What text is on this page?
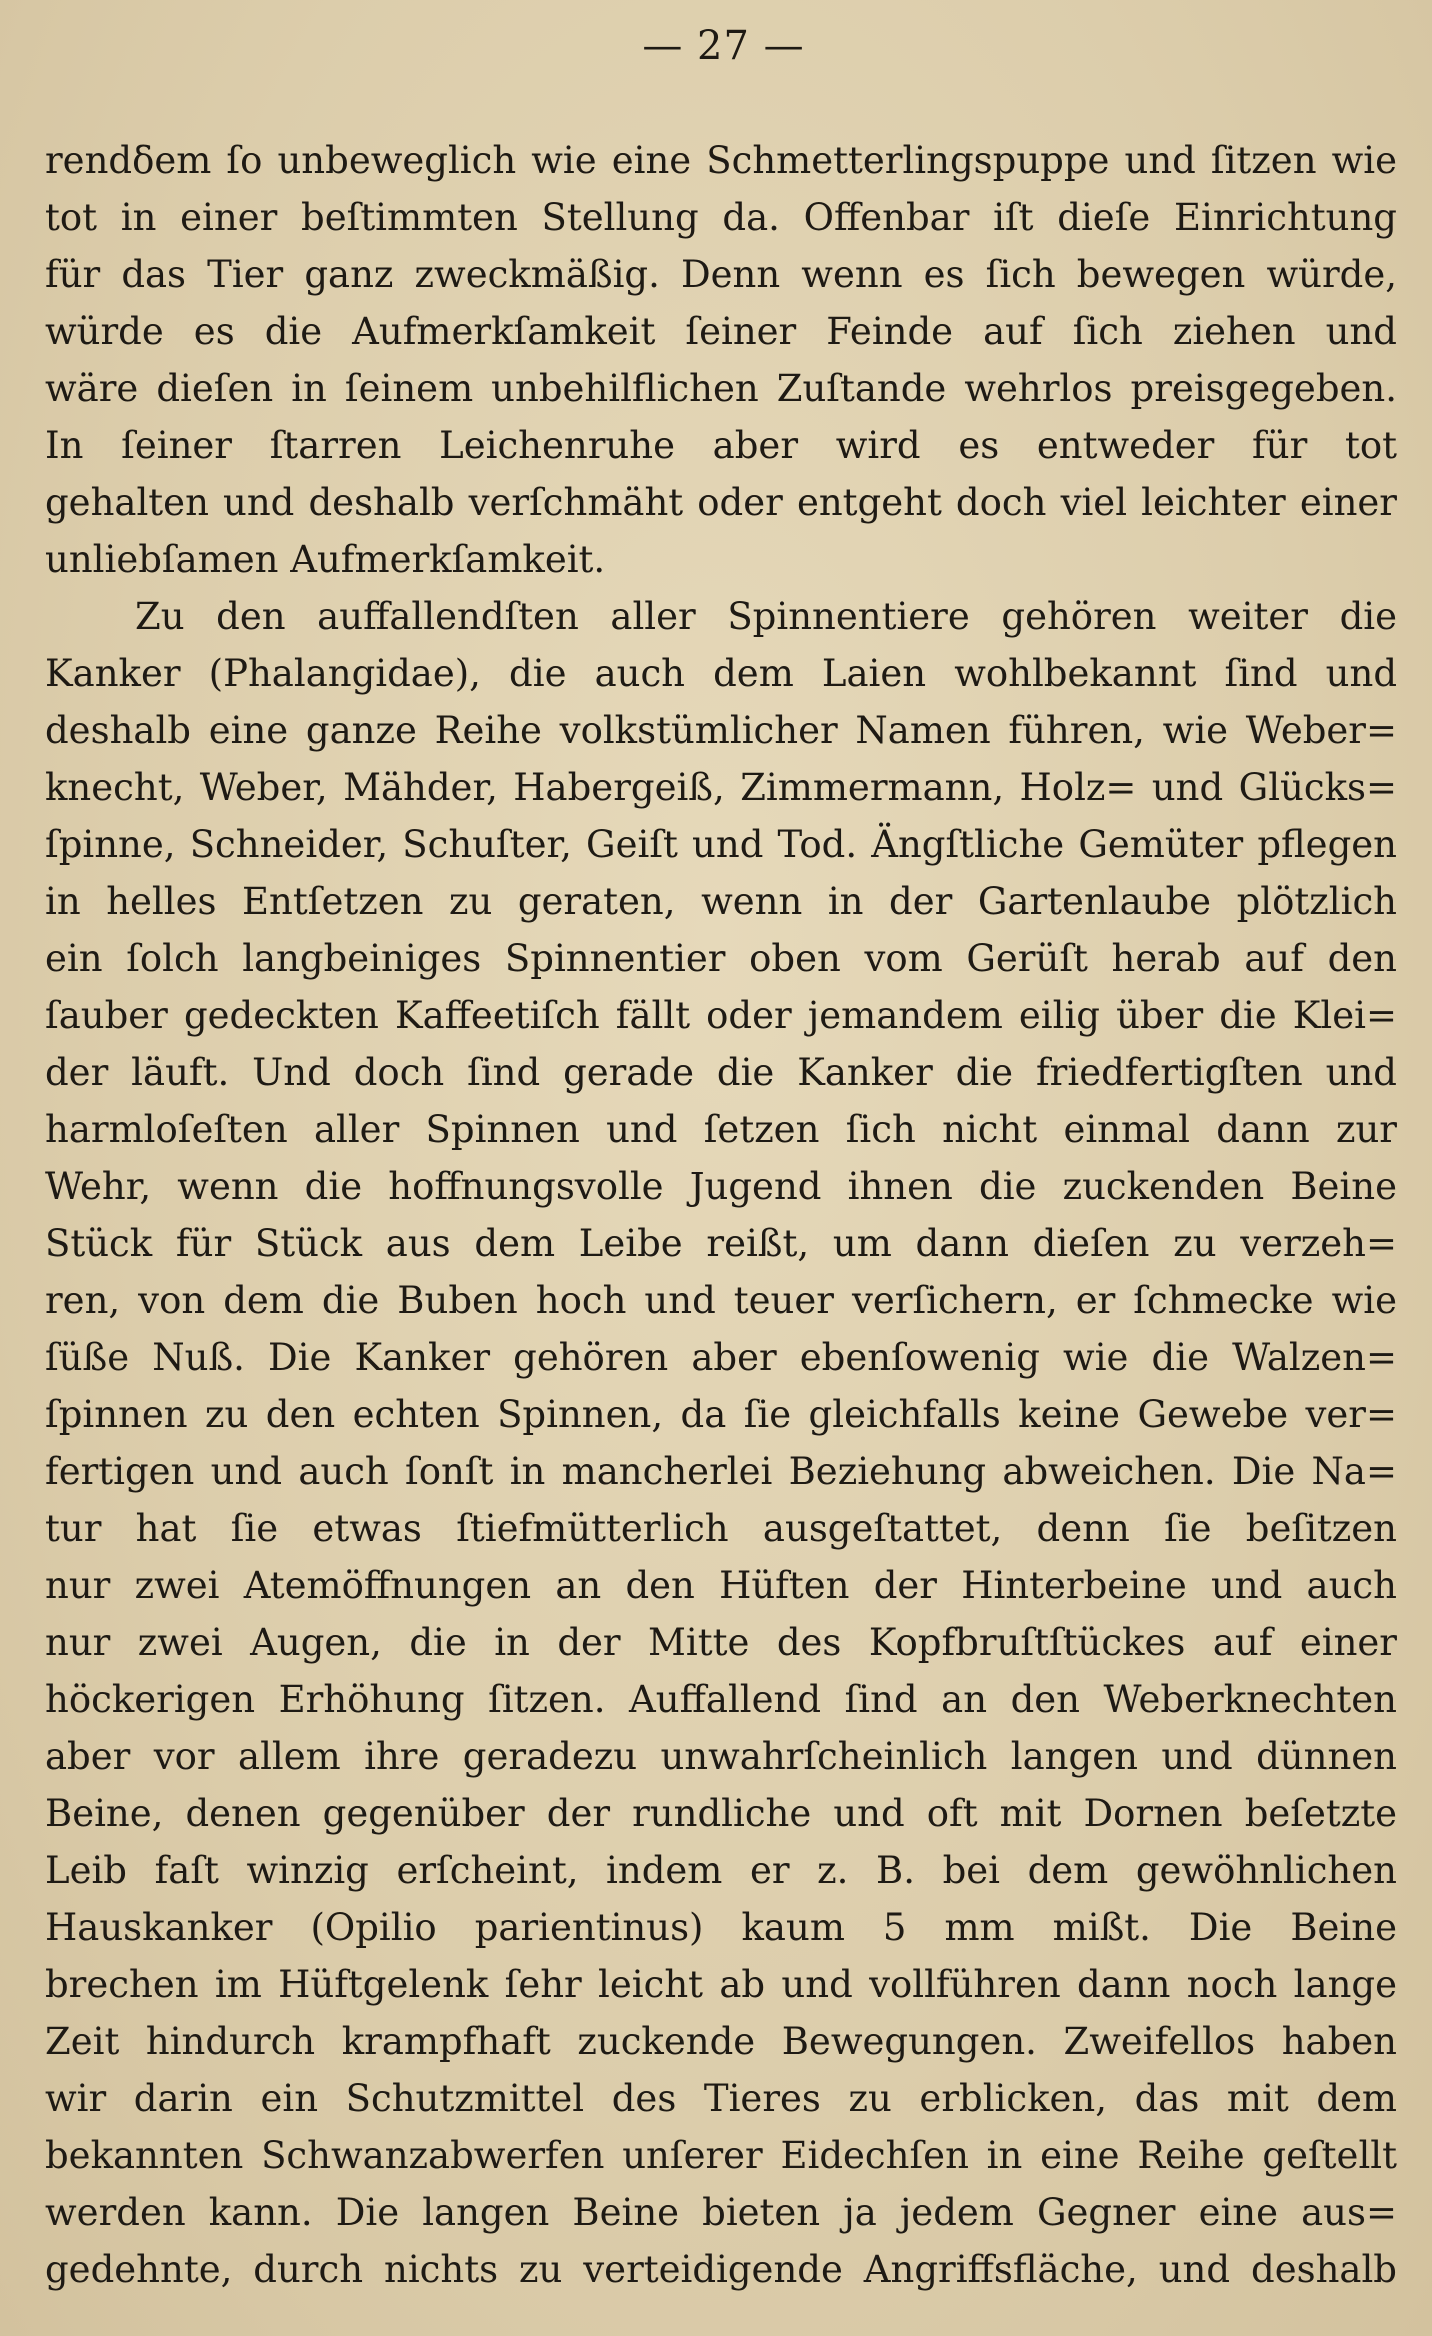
— 27 —
rendδem ſo unbeweglich wie eine Schmetterlingspuppe und ſitzen wie
tot in einer beſtimmten Stellung da. Offenbar iſt dieſe Einrichtung
für das Tier ganz zweckmäßig. Denn wenn es ſich bewegen würde,
würde es die Aufmerkſamkeit ſeiner Feinde auf ſich ziehen und
wäre dieſen in ſeinem unbehilflichen Zuſtande wehrlos preisgegeben.
In ſeiner ſtarren Leichenruhe aber wird es entweder für tot
gehalten und deshalb verſchmäht oder entgeht doch viel leichter einer
unliebſamen Aufmerkſamkeit.
Zu den auffallendſten aller Spinnentiere gehören weiter die
Kanker (Phalangidae), die auch dem Laien wohlbekannt ſind und
deshalb eine ganze Reihe volkstümlicher Namen führen, wie Weber=
knecht, Weber, Mähder, Habergeiß, Zimmermann, Holz= und Glücks=
ſpinne, Schneider, Schuſter, Geiſt und Tod. Ängſtliche Gemüter pflegen
in helles Entſetzen zu geraten, wenn in der Gartenlaube plötzlich
ein ſolch langbeiniges Spinnentier oben vom Gerüſt herab auf den
ſauber gedeckten Kaffeetiſch fällt oder jemandem eilig über die Klei=
der läuft. Und doch ſind gerade die Kanker die friedfertigſten und
harmloſeſten aller Spinnen und ſetzen ſich nicht einmal dann zur
Wehr, wenn die hoffnungsvolle Jugend ihnen die zuckenden Beine
Stück für Stück aus dem Leibe reißt, um dann dieſen zu verzeh=
ren, von dem die Buben hoch und teuer verſichern, er ſchmecke wie
ſüße Nuß. Die Kanker gehören aber ebenſowenig wie die Walzen=
ſpinnen zu den echten Spinnen, da ſie gleichfalls keine Gewebe ver=
fertigen und auch ſonſt in mancherlei Beziehung abweichen. Die Na=
tur hat ſie etwas ſtiefmütterlich ausgeſtattet, denn ſie beſitzen
nur zwei Atemöffnungen an den Hüften der Hinterbeine und auch
nur zwei Augen, die in der Mitte des Kopfbruſtſtückes auf einer
höckerigen Erhöhung ſitzen. Auffallend ſind an den Weberknechten
aber vor allem ihre geradezu unwahrſcheinlich langen und dünnen
Beine, denen gegenüber der rundliche und oft mit Dornen beſetzte
Leib faſt winzig erſcheint, indem er z. B. bei dem gewöhnlichen
Hauskanker (Opilio parientinus) kaum 5 mm mißt. Die Beine
brechen im Hüftgelenk ſehr leicht ab und vollführen dann noch lange
Zeit hindurch krampfhaft zuckende Bewegungen. Zweifellos haben
wir darin ein Schutzmittel des Tieres zu erblicken, das mit dem
bekannten Schwanzabwerfen unſerer Eidechſen in eine Reihe geſtellt
werden kann. Die langen Beine bieten ja jedem Gegner eine aus=
gedehnte, durch nichts zu verteidigende Angriffsfläche, und deshalb
